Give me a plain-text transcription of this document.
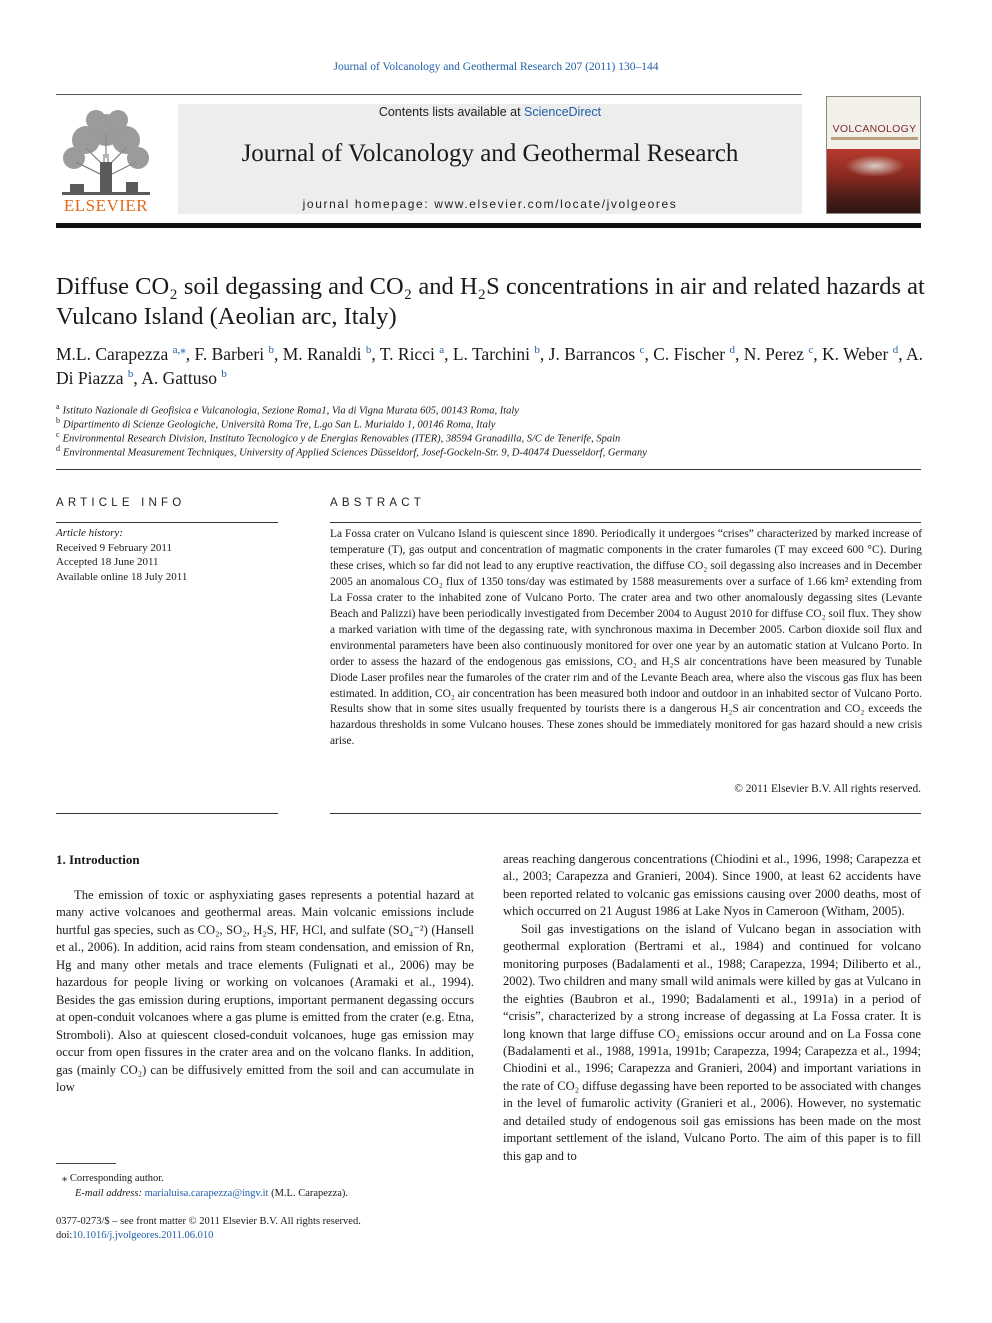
Journal of Volcanology and Geothermal Research 207 (2011) 130–144
ELSEVIER
Contents lists available at ScienceDirect
Journal of Volcanology and Geothermal Research
journal homepage: www.elsevier.com/locate/jvolgeores
VOLCANOLOGY
Diffuse CO₂ soil degassing and CO₂ and H₂S concentrations in air and related hazards at Vulcano Island (Aeolian arc, Italy)
M.L. Carapezza $^{a,⁎}$, F. Barberi $^b$, M. Ranaldi $^b$, T. Ricci $^a$, L. Tarchini $^b$, J. Barrancos $^c$, C. Fischer $^d$, N. Perez $^c$, K. Weber $^d$, A. Di Piazza $^b$, A. Gattuso $^b$
$^a$ Istituto Nazionale di Geofisica e Vulcanologia, Sezione Roma1, Via di Vigna Murata 605, 00143 Roma, Italy
$^b$ Dipartimento di Scienze Geologiche, Università Roma Tre, L.go San L. Murialdo 1, 00146 Roma, Italy
$^c$ Environmental Research Division, Instituto Tecnologico y de Energias Renovables (ITER), 38594 Granadilla, S/C de Tenerife, Spain
$^d$ Environmental Measurement Techniques, University of Applied Sciences Düsseldorf, Josef-Gockeln-Str. 9, D-40474 Duesseldorf, Germany
ARTICLE INFO
Article history:
Received 9 February 2011
Accepted 18 June 2011
Available online 18 July 2011
ABSTRACT
La Fossa crater on Vulcano Island is quiescent since 1890. Periodically it undergoes “crises” characterized by marked increase of temperature (T), gas output and concentration of magmatic components in the crater fumaroles (T may exceed 600 °C). During these crises, which so far did not lead to any eruptive reactivation, the diffuse CO₂ soil degassing also increases and in December 2005 an anomalous CO₂ flux of 1350 tons/day was estimated by 1588 measurements over a surface of 1.66 km² extending from La Fossa crater to the inhabited zone of Vulcano Porto. The crater area and two other anomalously degassing sites (Levante Beach and Palizzi) have been periodically investigated from December 2004 to August 2010 for diffuse CO₂ soil flux. They show a marked variation with time of the degassing rate, with synchronous maxima in December 2005. Carbon dioxide soil flux and environmental parameters have been also continuously monitored for over one year by an automatic station at Vulcano Porto. In order to assess the hazard of the endogenous gas emissions, CO₂ and H₂S air concentrations have been measured by Tunable Diode Laser profiles near the fumaroles of the crater rim and of the Levante Beach area, where also the viscous gas flux has been estimated. In addition, CO₂ air concentration has been measured both indoor and outdoor in an inhabited sector of Vulcano Porto. Results show that in some sites usually frequented by tourists there is a dangerous H₂S air concentration and CO₂ exceeds the hazardous thresholds in some Vulcano houses. These zones should be immediately monitored for gas hazard should a new crisis arise.
© 2011 Elsevier B.V. All rights reserved.
1. Introduction

The emission of toxic or asphyxiating gases represents a potential hazard at many active volcanoes and geothermal areas. Main volcanic emissions include hurtful gas species, such as CO₂, SO₂, H₂S, HF, HCl, and sulfate (SO₄⁻²) (Hansell et al., 2006). In addition, acid rains from steam condensation, and emission of Rn, Hg and many other metals and trace elements (Fulignati et al., 2006) may be hazardous for people living or working on volcanoes (Aramaki et al., 1994). Besides the gas emission during eruptions, important permanent degassing occurs at open-conduit volcanoes where a gas plume is emitted from the crater (e.g. Etna, Stromboli). Also at quiescent closed-conduit volcanoes, huge gas emission may occur from open fissures in the crater area and on the volcano flanks. In addition, gas (mainly CO₂) can be diffusively emitted from the soil and can accumulate in low

areas reaching dangerous concentrations (Chiodini et al., 1996, 1998; Carapezza et al., 2003; Carapezza and Granieri, 2004). Since 1900, at least 62 accidents have been reported related to volcanic gas emissions causing over 2000 deaths, most of which occurred on 21 August 1986 at Lake Nyos in Cameroon (Witham, 2005).

Soil gas investigations on the island of Vulcano began in association with geothermal exploration (Bertrami et al., 1984) and continued for volcano monitoring purposes (Badalamenti et al., 1988; Carapezza, 1994; Diliberto et al., 2002). Two children and many small wild animals were killed by gas at Vulcano in the eighties (Baubron et al., 1990; Badalamenti et al., 1991a) in a period of “crisis”, characterized by a strong increase of degassing at La Fossa crater. It is long known that large diffuse CO₂ emissions occur around and on La Fossa cone (Badalamenti et al., 1988, 1991a, 1991b; Carapezza, 1994; Carapezza et al., 1994; Chiodini et al., 1996; Carapezza and Granieri, 2004) and important variations in the rate of CO₂ diffuse degassing have been reported to be associated with changes in the level of fumarolic activity (Granieri et al., 2006). However, no systematic and detailed study of endogenous soil gas emissions has been made on the most important settlement of the island, Vulcano Porto. The aim of this paper is to fill this gap and to

⁎ Corresponding author.
E-mail address: marialuisa.carapezza@ingv.it (M.L. Carapezza).
0377-0273/$ – see front matter © 2011 Elsevier B.V. All rights reserved.
doi:10.1016/j.jvolgeores.2011.06.010
